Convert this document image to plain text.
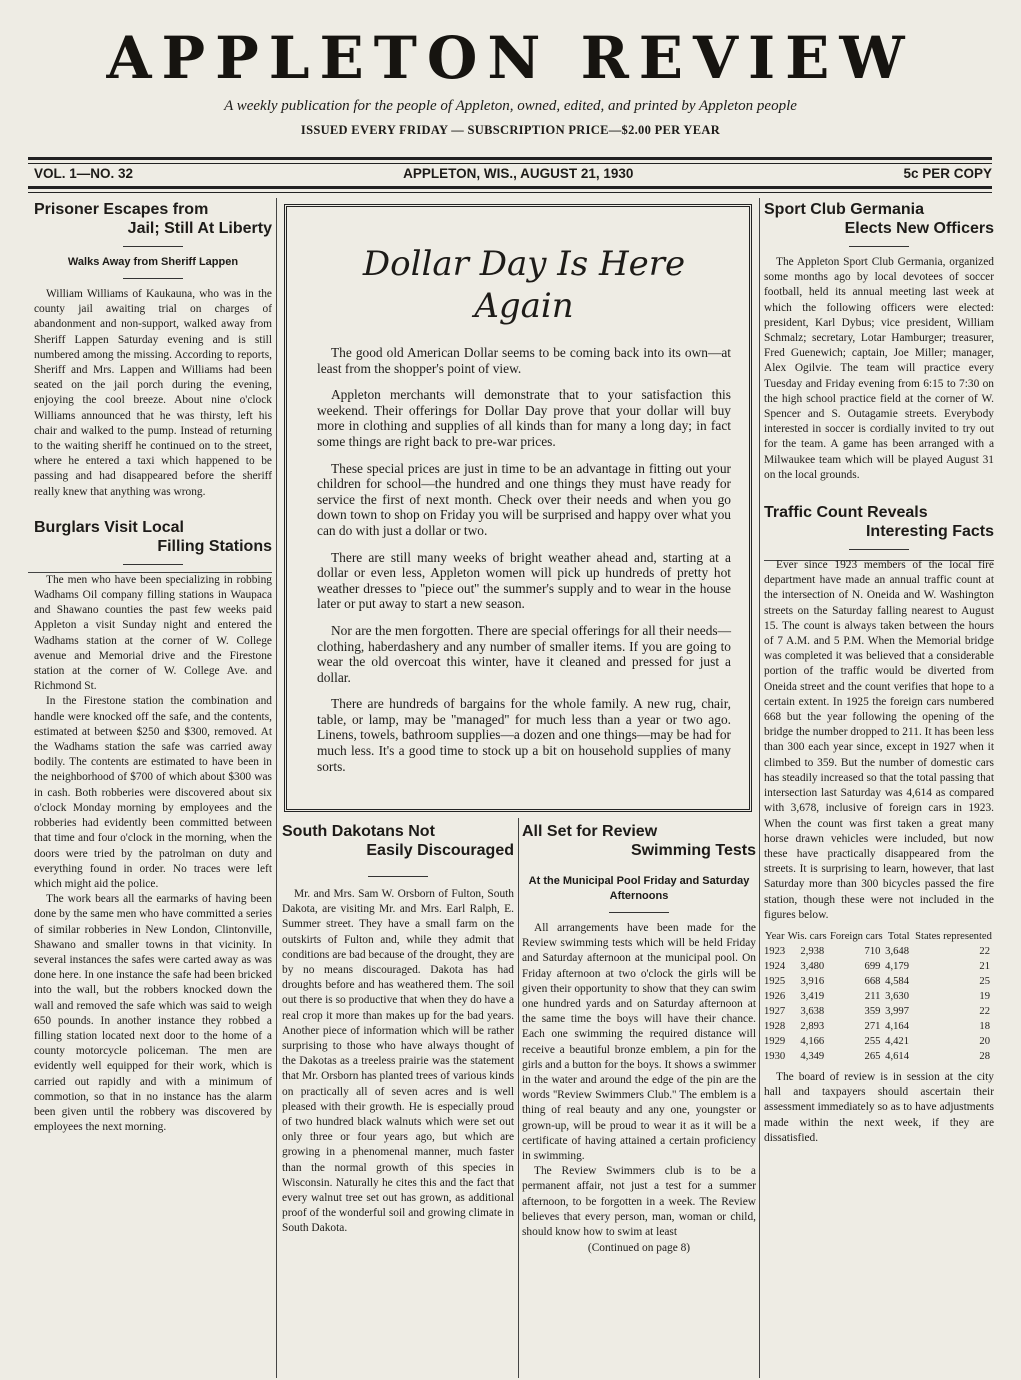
APPLETON REVIEW
A weekly publication for the people of Appleton, owned, edited, and printed by Appleton people
ISSUED EVERY FRIDAY — SUBSCRIPTION PRICE—$2.00 PER YEAR
VOL. 1—NO. 32	APPLETON, WIS., AUGUST 21, 1930	5c PER COPY
Prisoner Escapes from
Jail; Still At Liberty
Walks Away from Sheriff Lappen

William Williams of Kaukauna, who was in the county jail awaiting trial on charges of abandonment and non-support, walked away from Sheriff Lappen Saturday evening and is still numbered among the missing. According to reports, Sheriff and Mrs. Lappen and Williams had been seated on the jail porch during the evening, enjoying the cool breeze. About nine o'clock Williams announced that he was thirsty, left his chair and walked to the pump. Instead of returning to the waiting sheriff he continued on to the street, where he entered a taxi which happened to be passing and had disappeared before the sheriff really knew that anything was wrong.

Burglars Visit Local
Filling Stations

The men who have been specializing in robbing Wadhams Oil company filling stations in Waupaca and Shawano counties the past few weeks paid Appleton a visit Sunday night and entered the Wadhams station at the corner of W. College avenue and Memorial drive and the Firestone station at the corner of W. College Ave. and Richmond St.

In the Firestone station the combination and handle were knocked off the safe, and the contents, estimated at between $250 and $300, removed. At the Wadhams station the safe was carried away bodily. The contents are estimated to have been in the neighborhood of $700 of which about $300 was in cash. Both robberies were discovered about six o'clock Monday morning by employees and the robberies had evidently been committed between that time and four o'clock in the morning, when the doors were tried by the patrolman on duty and everything found in order. No traces were left which might aid the police.

The work bears all the earmarks of having been done by the same men who have committed a series of similar robberies in New London, Clintonville, Shawano and smaller towns in that vicinity. In several instances the safes were carted away as was done here. In one instance the safe had been bricked into the wall, but the robbers knocked down the wall and removed the safe which was said to weigh 650 pounds. In another instance they robbed a filling station located next door to the home of a county motorcycle policeman. The men are evidently well equipped for their work, which is carried out rapidly and with a minimum of commotion, so that in no instance has the alarm been given until the robbery was discovered by employees the next morning.

Dollar Day Is Here Again

The good old American Dollar seems to be coming back into its own—at least from the shopper's point of view.

Appleton merchants will demonstrate that to your satisfaction this weekend. Their offerings for Dollar Day prove that your dollar will buy more in clothing and supplies of all kinds than for many a long day; in fact some things are right back to pre-war prices.

These special prices are just in time to be an advantage in fitting out your children for school—the hundred and one things they must have ready for service the first of next month. Check over their needs and when you go down town to shop on Friday you will be surprised and happy over what you can do with just a dollar or two.

There are still many weeks of bright weather ahead and, starting at a dollar or even less, Appleton women will pick up hundreds of pretty hot weather dresses to ''piece out'' the summer's supply and to wear in the house later or put away to start a new season.

Nor are the men forgotten. There are special offerings for all their needs—clothing, haberdashery and any number of smaller items. If you are going to wear the old overcoat this winter, have it cleaned and pressed for just a dollar.

There are hundreds of bargains for the whole family. A new rug, chair, table, or lamp, may be ''managed'' for much less than a year or two ago. Linens, towels, bathroom supplies—a dozen and one things—may be had for much less. It's a good time to stock up a bit on household supplies of many sorts.

South Dakotans Not
Easily Discouraged

Mr. and Mrs. Sam W. Orsborn of Fulton, South Dakota, are visiting Mr. and Mrs. Earl Ralph, E. Summer street. They have a small farm on the outskirts of Fulton and, while they admit that conditions are bad because of the drought, they are by no means discouraged. Dakota has had droughts before and has weathered them. The soil out there is so productive that when they do have a real crop it more than makes up for the bad years. Another piece of information which will be rather surprising to those who have always thought of the Dakotas as a treeless prairie was the statement that Mr. Orsborn has planted trees of various kinds on practically all of seven acres and is well pleased with their growth. He is especially proud of two hundred black walnuts which were set out only three or four years ago, but which are growing in a phenomenal manner, much faster than the normal growth of this species in Wisconsin. Naturally he cites this and the fact that every walnut tree set out has grown, as additional proof of the wonderful soil and growing climate in South Dakota.

All Set for Review
Swimming Tests
At the Municipal Pool Friday and Saturday Afternoons

All arrangements have been made for the Review swimming tests which will be held Friday and Saturday afternoon at the municipal pool. On Friday afternoon at two o'clock the girls will be given their opportunity to show that they can swim one hundred yards and on Saturday afternoon at the same time the boys will have their chance. Each one swimming the required distance will receive a beautiful bronze emblem, a pin for the girls and a button for the boys. It shows a swimmer in the water and around the edge of the pin are the words ''Review Swimmers Club.'' The emblem is a thing of real beauty and any one, youngster or grown-up, will be proud to wear it as it will be a certificate of having attained a certain proficiency in swimming.

The Review Swimmers club is to be a permanent affair, not just a test for a summer afternoon, to be forgotten in a week. The Review believes that every person, man, woman or child, should know how to swim at least

(Continued on page 8)
Sport Club Germania
Elects New Officers

The Appleton Sport Club Germania, organized some months ago by local devotees of soccer football, held its annual meeting last week at which the following officers were elected: president, Karl Dybus; vice president, William Schmalz; secretary, Lotar Hamburger; treasurer, Fred Guenewich; captain, Joe Miller; manager, Alex Ogilvie. The team will practice every Tuesday and Friday evening from 6:15 to 7:30 on the high school practice field at the corner of W. Spencer and S. Outagamie streets. Everybody interested in soccer is cordially invited to try out for the team. A game has been arranged with a Milwaukee team which will be played August 31 on the local grounds.

Traffic Count Reveals
Interesting Facts

Ever since 1923 members of the local fire department have made an annual traffic count at the intersection of N. Oneida and W. Washington streets on the Saturday falling nearest to August 15. The count is always taken between the hours of 7 A.M. and 5 P.M. When the Memorial bridge was completed it was believed that a considerable portion of the traffic would be diverted from Oneida street and the count verifies that hope to a certain extent. In 1925 the foreign cars numbered 668 but the year following the opening of the bridge the number dropped to 211. It has been less than 300 each year since, except in 1927 when it climbed to 359. But the number of domestic cars has steadily increased so that the total passing that intersection last Saturday was 4,614 as compared with 3,678, inclusive of foreign cars in 1923. When the count was first taken a great many horse drawn vehicles were included, but now these have practically disappeared from the streets. It is surprising to learn, however, that last Saturday more than 300 bicycles passed the fire station, though these were not included in the figures below.

Year	Wis. cars	Foreign cars	Total	States represented
1923	2,938	710	3,648	22
1924	3,480	699	4,179	21
1925	3,916	668	4,584	25
1926	3,419	211	3,630	19
1927	3,638	359	3,997	22
1928	2,893	271	4,164	18
1929	4,166	255	4,421	20
1930	4,349	265	4,614	28

The board of review is in session at the city hall and taxpayers should ascertain their assessment immediately so as to have adjustments made within the next week, if they are dissatisfied.
